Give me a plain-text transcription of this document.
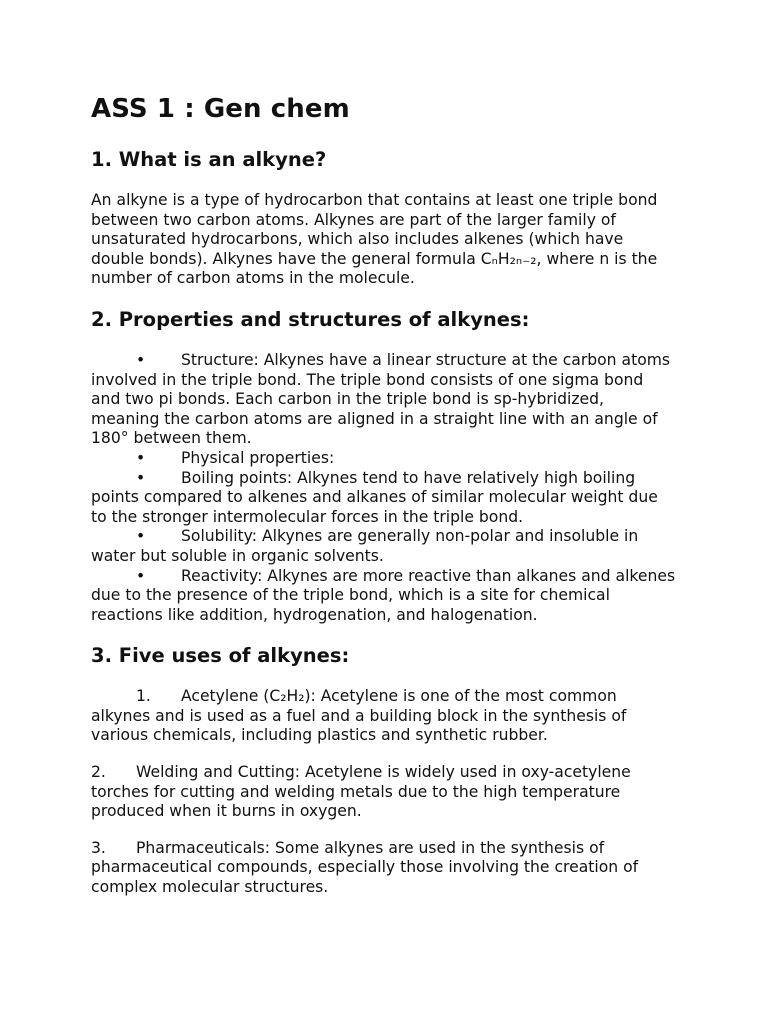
ASS 1 : Gen chem
1. What is an alkyne?

An alkyne is a type of hydrocarbon that contains at least one triple bond between two carbon atoms. Alkynes are part of the larger family of unsaturated hydrocarbons, which also includes alkenes (which have double bonds). Alkynes have the general formula CₙH₂ₙ₋₂, where n is the number of carbon atoms in the molecule.

2. Properties and structures of alkynes:
• Structure: Alkynes have a linear structure at the carbon atoms involved in the triple bond. The triple bond consists of one sigma bond and two pi bonds. Each carbon in the triple bond is sp-hybridized, meaning the carbon atoms are aligned in a straight line with an angle of 180° between them.
• Physical properties:
• Boiling points: Alkynes tend to have relatively high boiling points compared to alkenes and alkanes of similar molecular weight due to the stronger intermolecular forces in the triple bond.
• Solubility: Alkynes are generally non-polar and insoluble in water but soluble in organic solvents.
• Reactivity: Alkynes are more reactive than alkanes and alkenes due to the presence of the triple bond, which is a site for chemical reactions like addition, hydrogenation, and halogenation.
3. Five uses of alkynes:
1. Acetylene (C₂H₂): Acetylene is one of the most common alkynes and is used as a fuel and a building block in the synthesis of various chemicals, including plastics and synthetic rubber.
2. Welding and Cutting: Acetylene is widely used in oxy-acetylene torches for cutting and welding metals due to the high temperature produced when it burns in oxygen.
3. Pharmaceuticals: Some alkynes are used in the synthesis of pharmaceutical compounds, especially those involving the creation of complex molecular structures.
